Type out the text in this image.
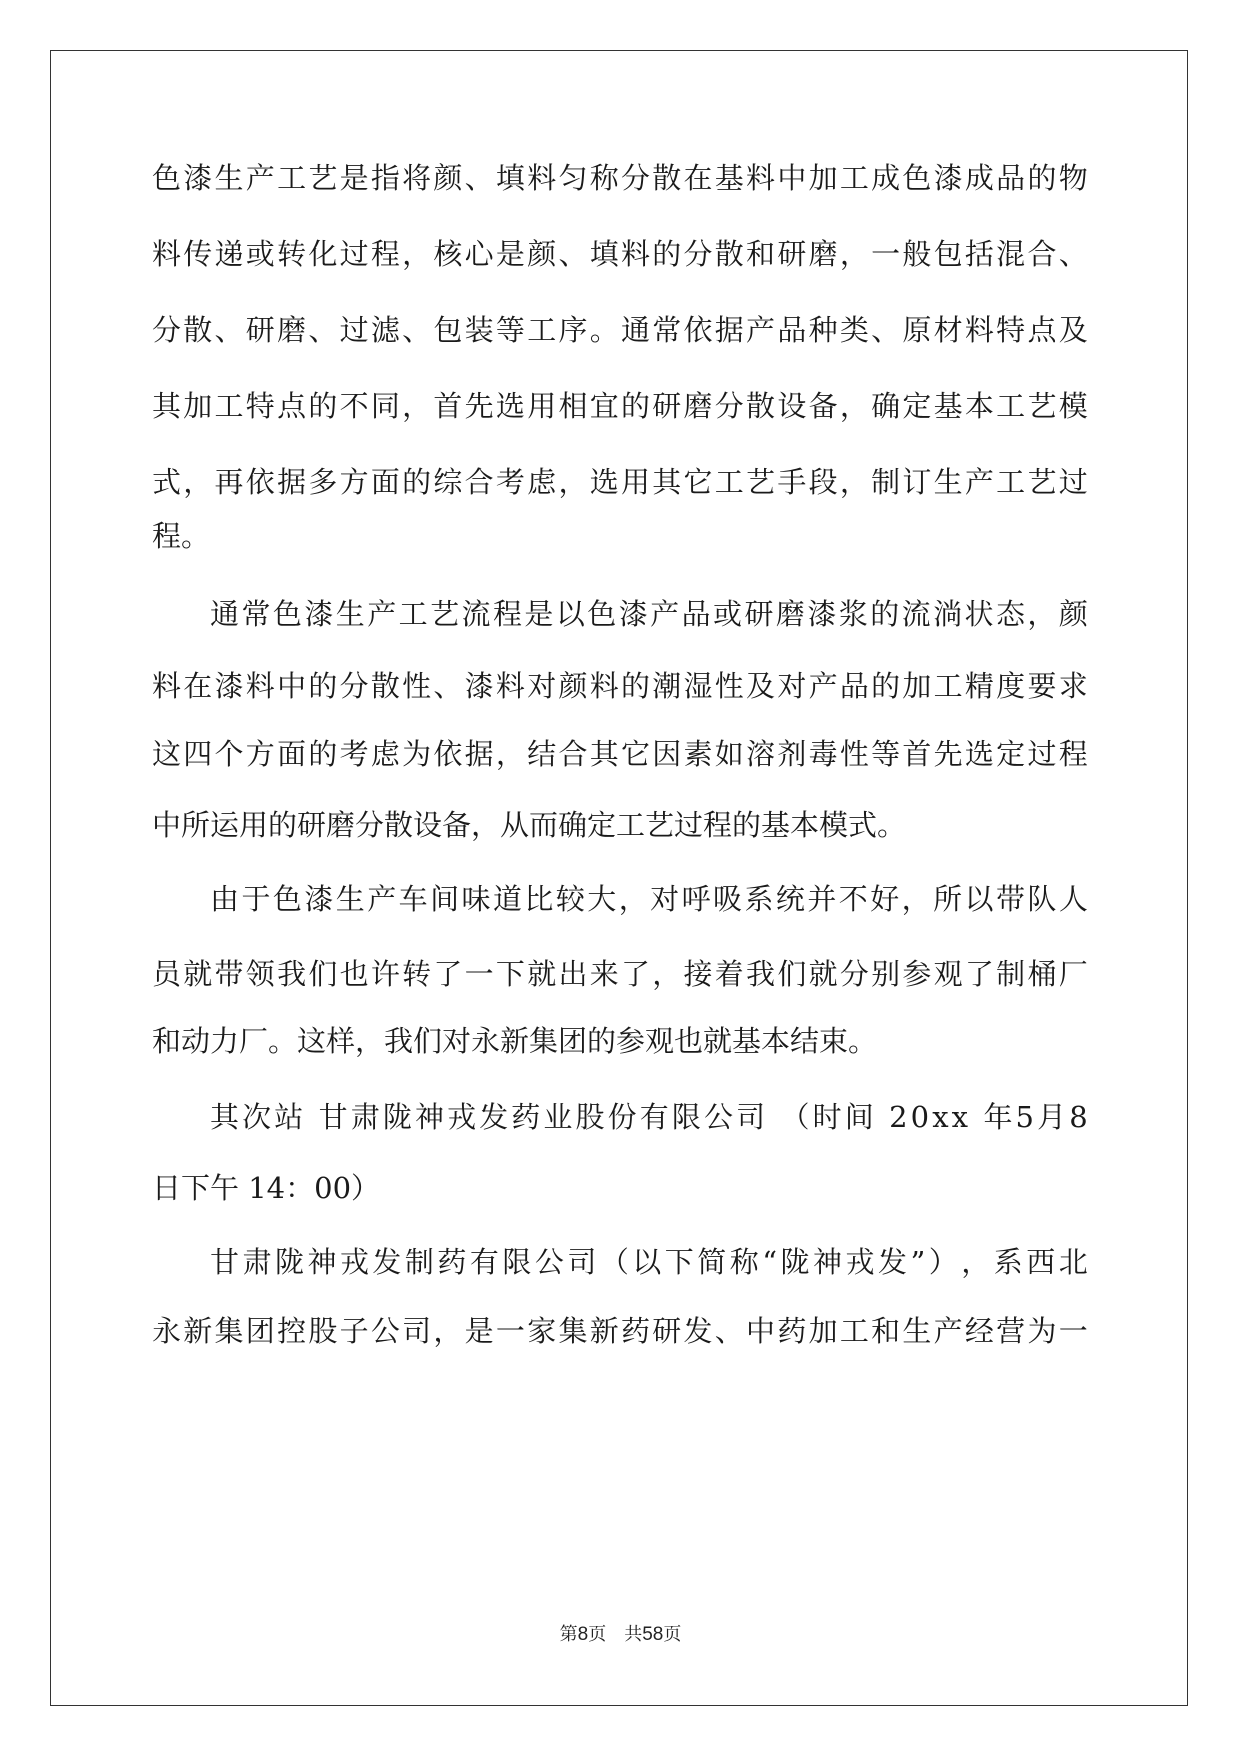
色 漆 生 产 工 艺 是 指 将 颜 、 填 料 匀 称 分 散 在 基 料 中 加 工 成 色 漆 成 品 的 物
料 传 递 或 转 化 过 程 ， 核 心 是 颜 、 填 料 的 分 散 和 研 磨 ， 一 般 包 括 混 合 、
分 散 、 研 磨 、 过 滤 、 包 装 等 工 序 。 通 常 依 据 产 品 种 类 、 原 材 料 特 点 及
其 加 工 特 点 的 不 同 ， 首 先 选 用 相 宜 的 研 磨 分 散 设 备 ， 确 定 基 本 工 艺 模
式 ， 再 依 据 多 方 面 的 综 合 考 虑 ， 选 用 其 它 工 艺 手 段 ， 制 订 生 产 工 艺 过
程。
通 常 色 漆 生 产 工 艺 流 程 是 以 色 漆 产 品 或 研 磨 漆 浆 的 流 淌 状 态 ， 颜
料 在 漆 料 中 的 分 散 性 、 漆 料 对 颜 料 的 潮 湿 性 及 对 产 品 的 加 工 精 度 要 求
这 四 个 方 面 的 考 虑 为 依 据 ， 结 合 其 它 因 素 如 溶 剂 毒 性 等 首 先 选 定 过 程
中所运用的研磨分散设备，从而确定工艺过程的基本模式。
由 于 色 漆 生 产 车 间 味 道 比 较 大 ， 对 呼 吸 系 统 并 不 好 ， 所 以 带 队 人
员 就 带 领 我 们 也 许 转 了 一 下 就 出 来 了 ， 接 着 我 们 就 分 别 参 观 了 制 桶 厂
和动力厂。这样，我们对永新集团的参观也就基本结束。
其 次 站
甘 肃 陇 神 戎 发 药 业 股 份 有 限 公 司
（ 时 间
2 0 x x
年 5 月 8
日下午 14：00）
甘 肃 陇 神 戎 发 制 药 有 限 公 司 （ 以 下 简 称 “ 陇 神 戎 发 ” ） ， 系 西 北
永 新 集 团 控 股 子 公 司 ， 是 一 家 集 新 药 研 发 、 中 药 加 工 和 生 产 经 营 为 一
第8页 共58页
